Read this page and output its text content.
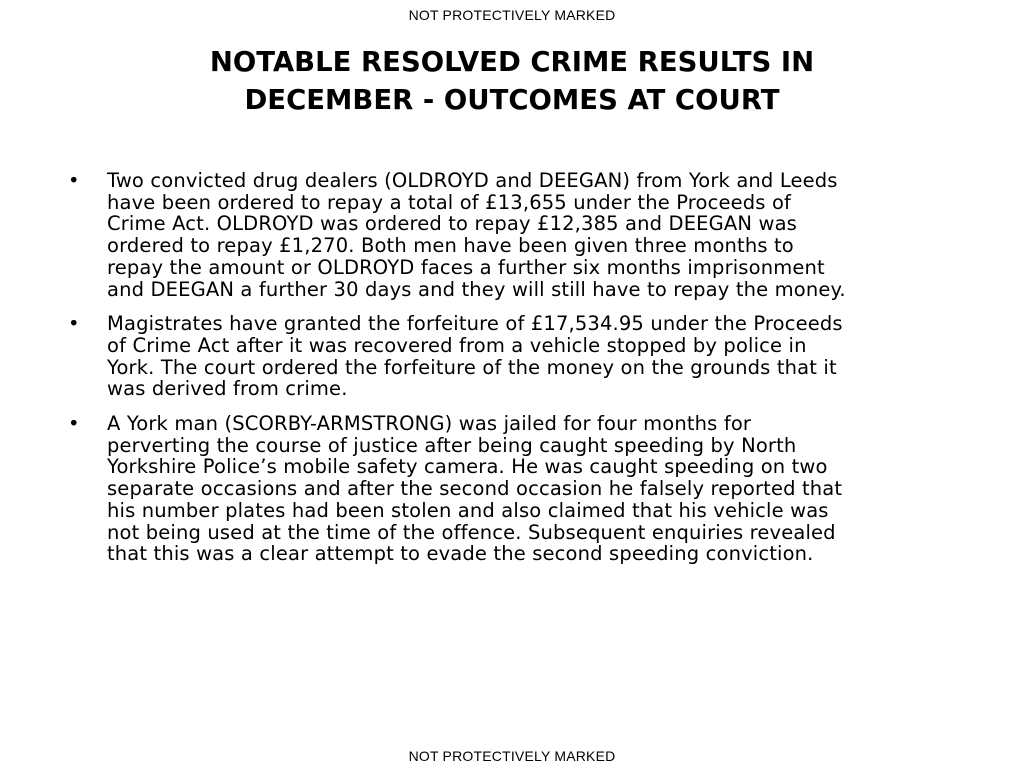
NOT PROTECTIVELY MARKED
NOTABLE RESOLVED CRIME RESULTS IN
DECEMBER - OUTCOMES AT COURT
• Two convicted drug dealers (OLDROYD and DEEGAN) from York and Leeds
have been ordered to repay a total of £13,655 under the Proceeds of
Crime Act. OLDROYD was ordered to repay £12,385 and DEEGAN was
ordered to repay £1,270. Both men have been given three months to
repay the amount or OLDROYD faces a further six months imprisonment
and DEEGAN a further 30 days and they will still have to repay the money.
• Magistrates have granted the forfeiture of £17,534.95 under the Proceeds
of Crime Act after it was recovered from a vehicle stopped by police in
York. The court ordered the forfeiture of the money on the grounds that it
was derived from crime.
• A York man (SCORBY-ARMSTRONG) was jailed for four months for
perverting the course of justice after being caught speeding by North
Yorkshire Police’s mobile safety camera. He was caught speeding on two
separate occasions and after the second occasion he falsely reported that
his number plates had been stolen and also claimed that his vehicle was
not being used at the time of the offence. Subsequent enquiries revealed
that this was a clear attempt to evade the second speeding conviction.
NOT PROTECTIVELY MARKED
